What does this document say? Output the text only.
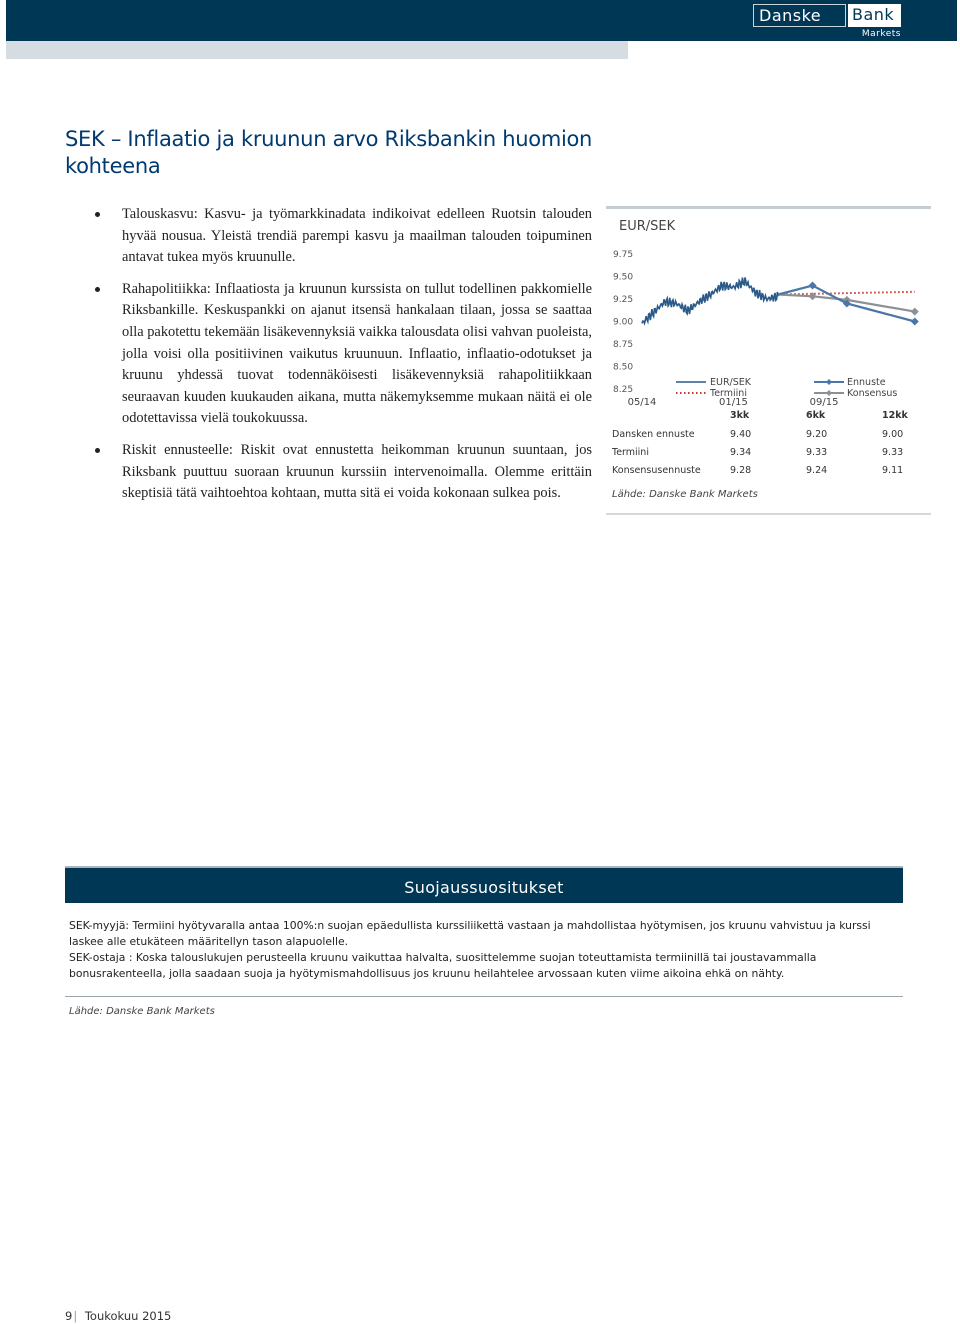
Danske	Bank
Markets
SEK – Inflaatio ja kruunun arvo Riksbankin huomion kohteena
Talouskasvu: Kasvu- ja työmarkkinadata indikoivat edelleen Ruotsin talouden hyvää nousua. Yleistä trendiä parempi kasvu ja maailman talouden toipuminen antavat tukea myös kruunulle.
Rahapolitiikka: Inflaatiosta ja kruunun kurssista on tullut todellinen pakkomielle Riksbankille. Keskuspankki on ajanut itsensä hankalaan tilaan, jossa se saattaa olla pakotettu tekemään lisäkevennyksiä vaikka talousdata olisi vahvan puoleista, jolla voisi olla positiivinen vaikutus kruunuun. Inflaatio, inflaatio-odotukset ja kruunu yhdessä tuovat todennäköisesti lisäkevennyksiä rahapolitiikkaan seuraavan kuuden kuukauden aikana, mutta näkemyksemme mukaan näitä ei ole odotettavissa vielä toukokuussa.
Riskit ennusteelle: Riskit ovat ennustetta heikomman kruunun suuntaan, jos Riksbank puuttuu suoraan kruunun kurssiin intervenoimalla. Olemme erittäin skeptisiä tätä vaihtoehtoa kohtaan, mutta sitä ei voida kokonaan sulkea pois.
EUR/SEK
9.75
9.50
9.25
9.00
8.75
8.50
8.25
05/14	01/15	09/15
EUR/SEK
Termiini
Ennuste
Konsensus
3kk	6kk	12kk
Dansken ennuste	9.40	9.20	9.00
Termiini	9.34	9.33	9.33
Konsensusennuste	9.28	9.24	9.11
Lähde: Danske Bank Markets
Suojaussuositukset

SEK-myyjä: Termiini hyötyvaralla antaa 100%:n suojan epäedullista kurssiliikettä vastaan ja mahdollistaa hyötymisen, jos kruunu vahvistuu ja kurssi laskee alle etukäteen määritellyn tason alapuolelle.

SEK-ostaja : Koska talouslukujen perusteella kruunu vaikuttaa halvalta, suosittelemme suojan toteuttamista termiinillä tai joustavammalla bonusrakenteella, jolla saadaan suoja ja hyötymismahdollisuus jos kruunu heilahtelee arvossaan kuten viime aikoina ehkä on nähty.

Lähde: Danske Bank Markets
9| Toukokuu 2015
